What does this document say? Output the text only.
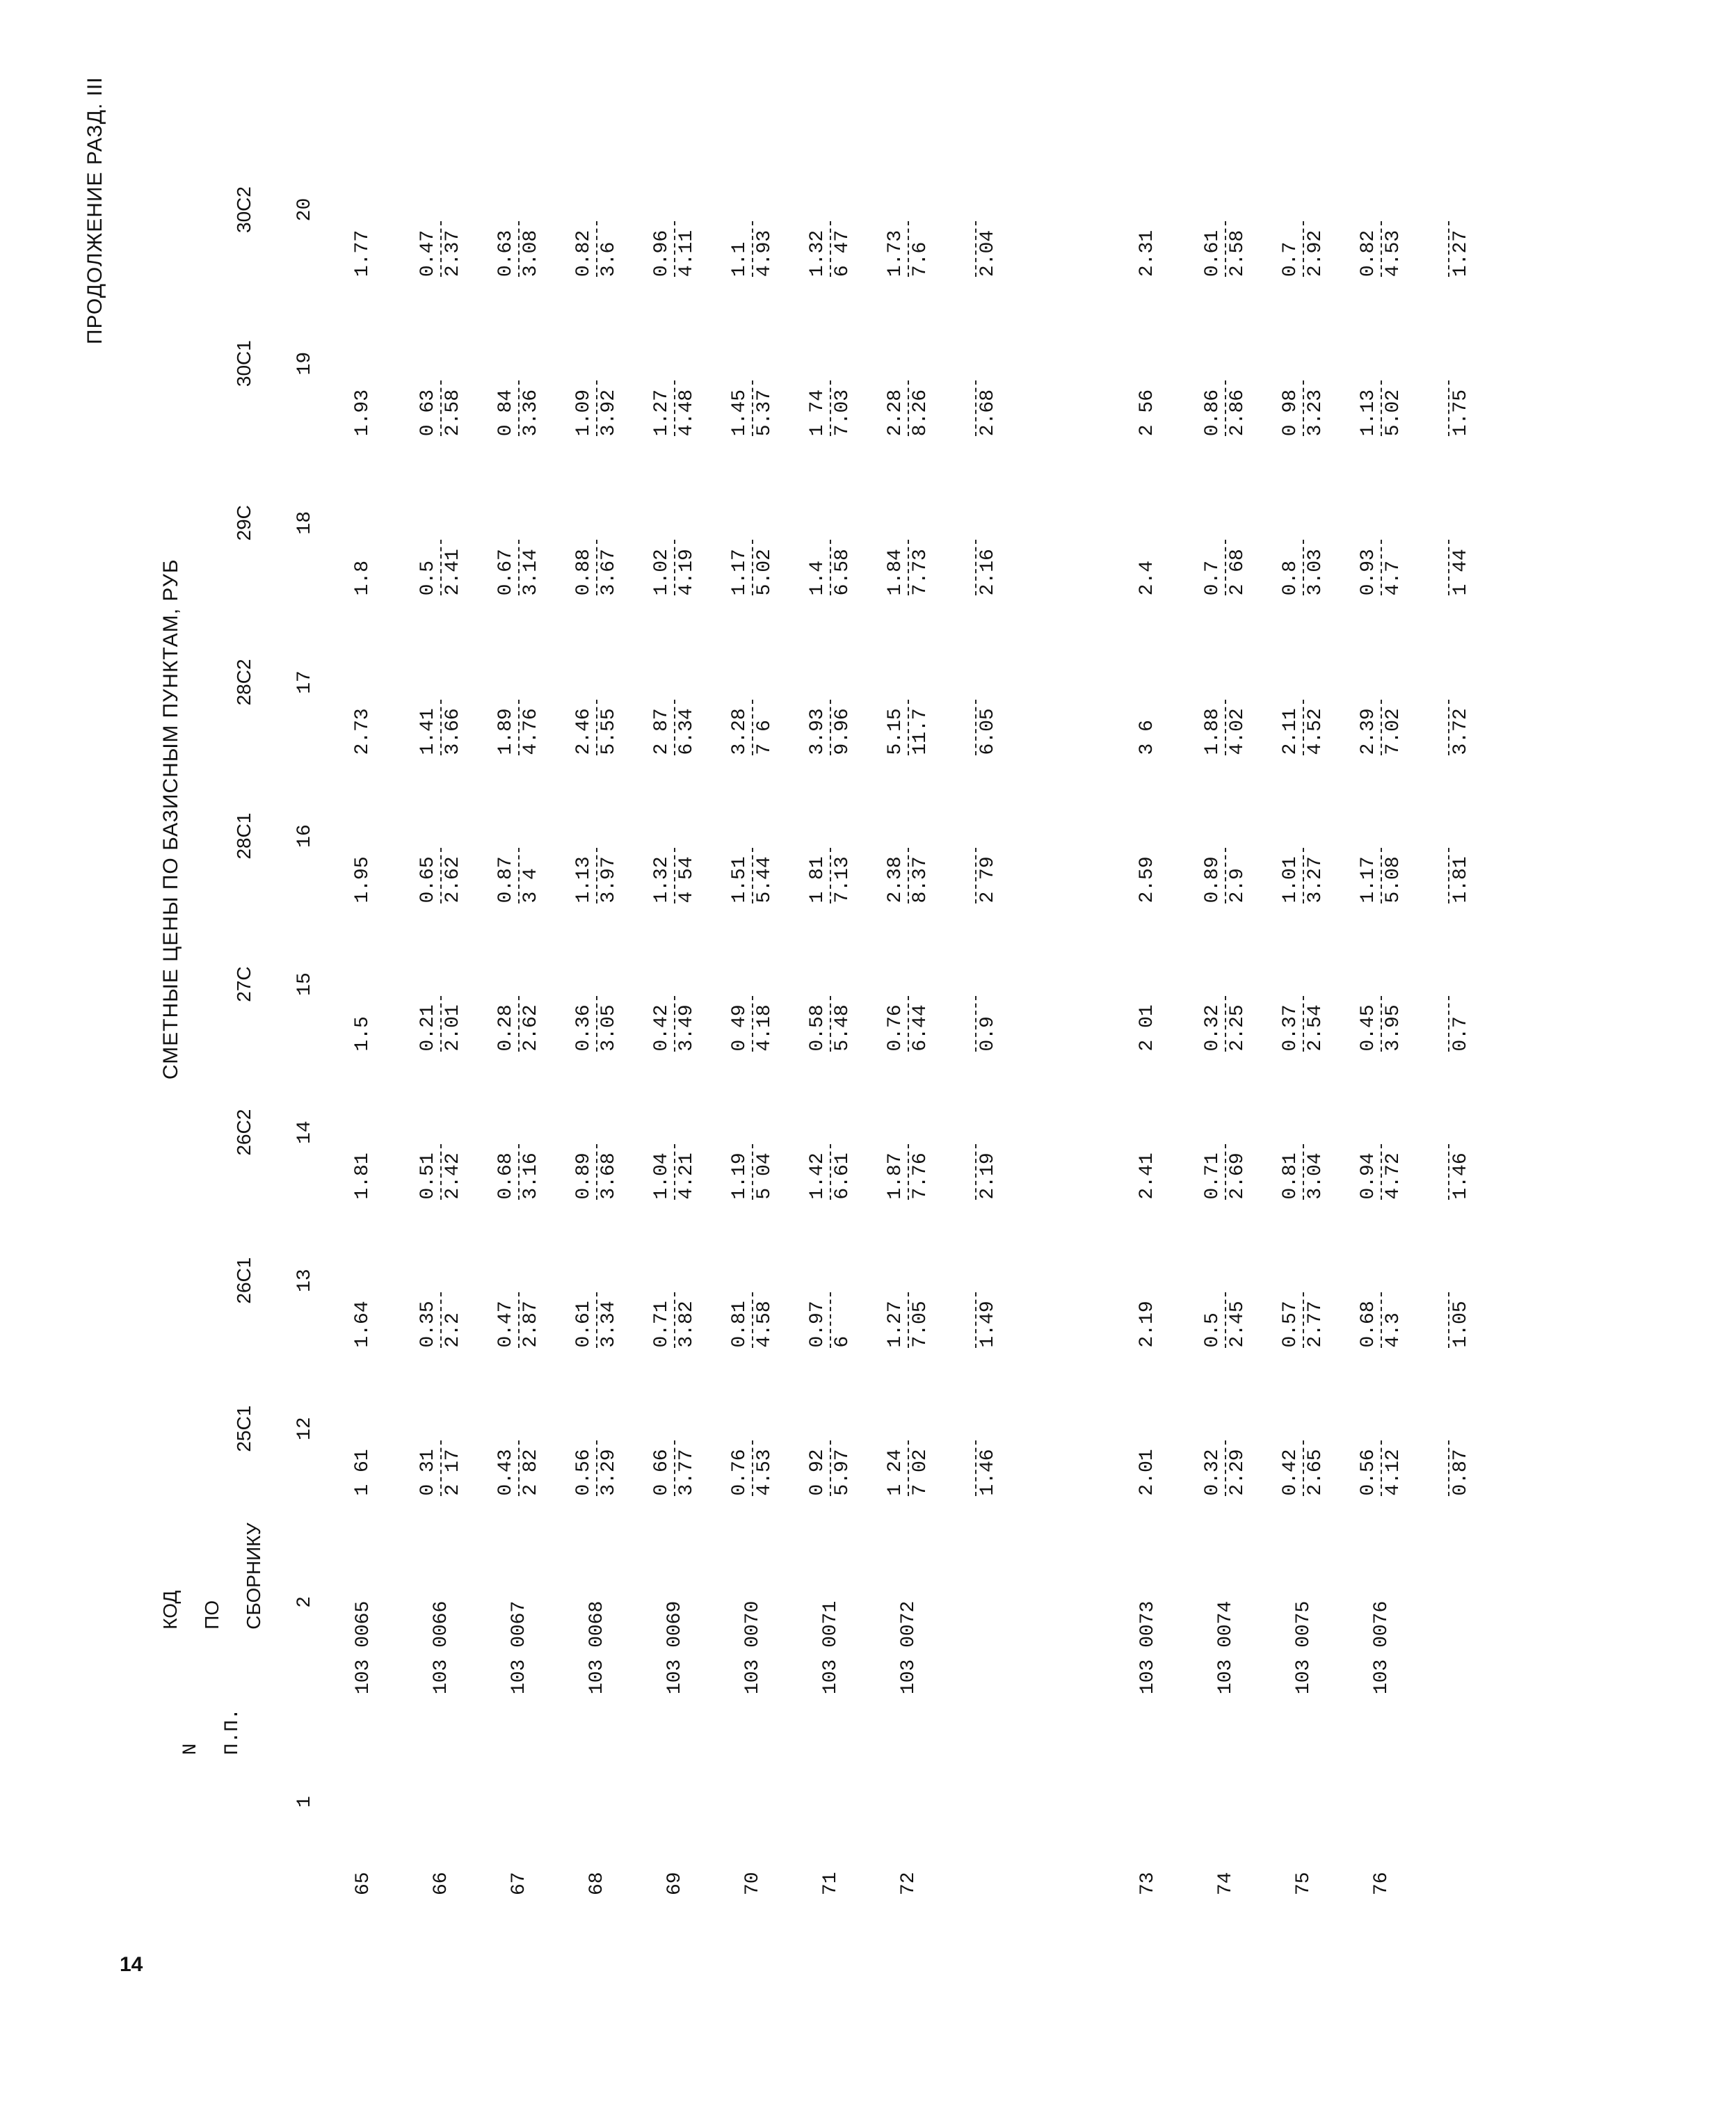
14
ПРОДОЛЖЕНИЕ РАЗД. III

N П.П.	КОД ПО СБОРНИКУ	СМЕТНЫЕ ЦЕНЫ ПО БАЗИСНЫМ ПУНКТАМ, РУБ								
		25С1	26С1	26С2	27С	28С1	28С2	29С	30С1	30С2
1	2	12	13	14	15	16	17	18	19	20

65	103 0065	1 61	1.64	1.81	1.5	1.95	2.73	1.8	1.93	1.77

66	103 0066	0 31 2 17	0.35 2.2	0.51 2.42	0.21 2.01	0.65 2.62	1.41 3.66	0.5 2.41	0 63 2.58	0.47 2.37

67	103 0067	0.43 2 82	0.47 2.87	0.68 3.16	0.28 2.62	0.87 3 4	1.89 4.76	0.67 3.14	0 84 3.36	0.63 3.08

68	103 0068	0.56 3.29	0.61 3.34	0.89 3.68	0.36 3.05	1.13 3.97	2.46 5.55	0.88 3.67	1.09 3.92	0.82 3.6

69	103 0069	0 66 3.77	0.71 3.82	1.04 4.21	0.42 3.49	1.32 4 54	2 87 6.34	1.02 4.19	1.27 4.48	0.96 4.11

70	103 0070	0.76 4.53	0.81 4.58	1.19 5 04	0 49 4.18	1.51 5.44	3.28 7 6	1.17 5.02	1.45 5.37	1.1 4.93

71	103 0071	0 92 5.97	0.97 6	1.42 6.61	0.58 5.48	1 81 7.13	3.93 9.96	1.4 6.58	1 74 7.03	1.32 6 47

72	103 0072	1 24 7 02	1.27 7.05	1.87 7.76	0.76 6.44	2.38 8.37	5.15 11.7	1.84 7.73	2.28 8.26	1.73 7.6

		1.46	1.49	2.19	0.9	2 79	6.05	2.16	2.68	2.04

73	103 0073	2.01	2.19	2.41	2 01	2.59	3 6	2.4	2 56	2.31

74	103 0074	0.32 2.29	0.5 2.45	0.71 2.69	0.32 2.25	0.89 2.9	1.88 4.02	0.7 2 68	0.86 2.86	0.61 2.58

75	103 0075	0.42 2.65	0.57 2.77	0.81 3.04	0.37 2.54	1.01 3.27	2.11 4.52	0.8 3.03	0 98 3.23	0.7 2.92

76	103 0076	0.56 4.12	0.68 4.3	0.94 4.72	0.45 3.95	1.17 5.08	2.39 7.02	0.93 4.7	1.13 5.02	0.82 4.53

		0.87	1.05	1.46	0.7	1.81	3.72	1 44	1.75	1.27
